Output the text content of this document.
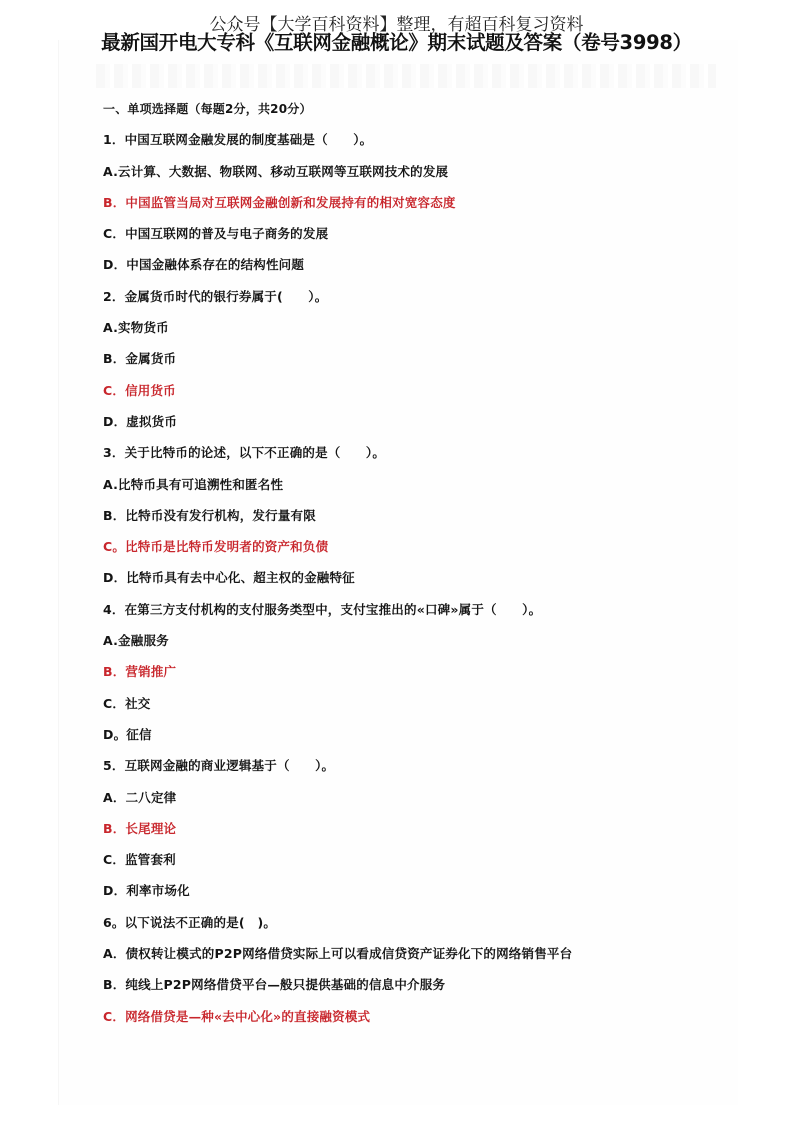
公众号【大学百科资料】整理，有超百科复习资料
最新国开电大专科《互联网金融概论》期末试题及答案（卷号3998）
一、单项选择题（每题2分，共20分）
1．中国互联网金融发展的制度基础是（　　）。
A.云计算、大数据、物联网、移动互联网等互联网技术的发展
B．中国监管当局对互联网金融创新和发展持有的相对宽容态度
C．中国互联网的普及与电子商务的发展
D．中国金融体系存在的结构性问题
2．金属货币时代的银行券属于(　　）。
A.实物货币
B．金属货币
C．信用货币
D．虚拟货币
3．关于比特币的论述，以下不正确的是（　　）。
A.比特币具有可追溯性和匿名性
B．比特币没有发行机构，发行量有限
C。比特币是比特币发明者的资产和负债
D．比特币具有去中心化、超主权的金融特征
4．在第三方支付机构的支付服务类型中，支付宝推出的«口碑»属于（　　）。
A.金融服务
B．营销推广
C．社交
D。征信
5．互联网金融的商业逻辑基于（　　）。
A．二八定律
B．长尾理论
C．监管套利
D．利率市场化
6。以下说法不正确的是(　)。
A．债权转让模式的P2P网络借贷实际上可以看成信贷资产证券化下的网络销售平台
B．纯线上P2P网络借贷平台—般只提供基础的信息中介服务
C．网络借贷是—种«去中心化»的直接融资模式
